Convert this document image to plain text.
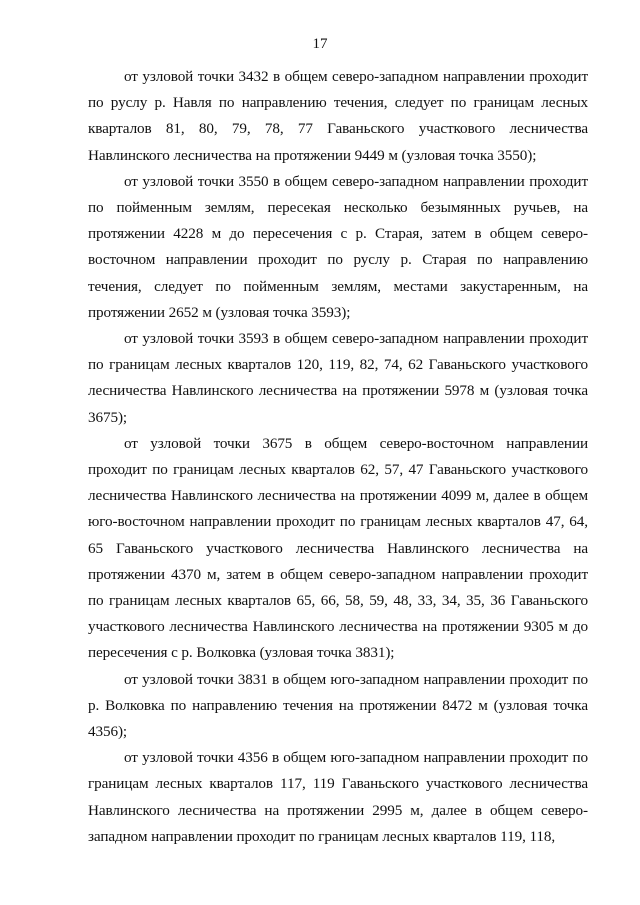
17

от узловой точки 3432 в общем северо-западном направлении проходит по руслу р. Навля по направлению течения, следует по границам лесных кварталов 81, 80, 79, 78, 77 Гаваньского участкового лесничества Навлинского лесничества на протяжении 9449 м (узловая точка 3550);

от узловой точки 3550 в общем северо-западном направлении проходит по пойменным землям, пересекая несколько безымянных ручьев, на протяжении 4228 м до пересечения с р. Старая, затем в общем северо-восточном направлении проходит по руслу р. Старая по направлению течения, следует по пойменным землям, местами закустаренным, на протяжении 2652 м (узловая точка 3593);

от узловой точки 3593 в общем северо-западном направлении проходит по границам лесных кварталов 120, 119, 82, 74, 62 Гаваньского участкового лесничества Навлинского лесничества на протяжении 5978 м (узловая точка 3675);

от узловой точки 3675 в общем северо-восточном направлении проходит по границам лесных кварталов 62, 57, 47 Гаваньского участкового лесничества Навлинского лесничества на протяжении 4099 м, далее в общем юго-восточном направлении проходит по границам лесных кварталов 47, 64, 65 Гаваньского участкового лесничества Навлинского лесничества на протяжении 4370 м, затем в общем северо-западном направлении проходит по границам лесных кварталов 65, 66, 58, 59, 48, 33, 34, 35, 36 Гаваньского участкового лесничества Навлинского лесничества на протяжении 9305 м до пересечения с р. Волковка (узловая точка 3831);

от узловой точки 3831 в общем юго-западном направлении проходит по р. Волковка по направлению течения на протяжении 8472 м (узловая точка 4356);

от узловой точки 4356 в общем юго-западном направлении проходит по границам лесных кварталов 117, 119 Гаваньского участкового лесничества Навлинского лесничества на протяжении 2995 м, далее в общем северо-западном направлении проходит по границам лесных кварталов 119, 118,
